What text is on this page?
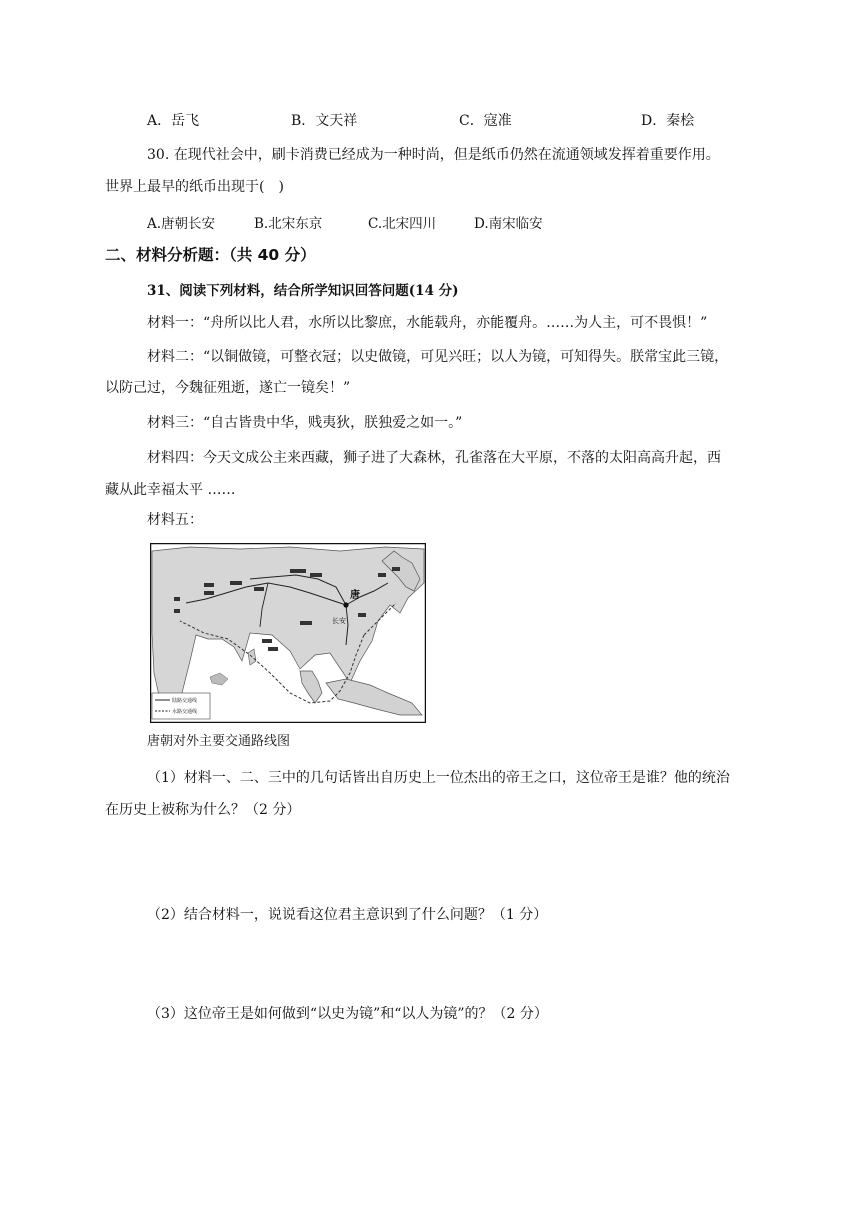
A．岳飞	B．文天祥	C．寇准	D．秦桧
30. 在现代社会中，刷卡消费已经成为一种时尚，但是纸币仍然在流通领域发挥着重要作用。
世界上最早的纸币出现于(　)
A.唐朝长安	B.北宋东京	C.北宋四川	D.南宋临安
二、材料分析题：（共 40 分）
31、阅读下列材料，结合所学知识回答问题(14 分)
材料一：“舟所以比人君，水所以比黎庶，水能载舟，亦能覆舟。……为人主，可不畏惧！”
材料二：“以铜做镜，可整衣冠；以史做镜，可见兴旺；以人为镜，可知得失。朕常宝此三镜，
以防己过，今魏征殂逝，遂亡一镜矣！”
材料三：“自古皆贵中华，贱夷狄，朕独爱之如一。”
材料四：今天文成公主来西藏，狮子进了大森林，孔雀落在大平原，不落的太阳高高升起，西
藏从此幸福太平 ……
材料五：
长安
唐
陆路交通线
水路交通线
唐朝对外主要交通路线图
（1）材料一、二、三中的几句话皆出自历史上一位杰出的帝王之口，这位帝王是谁？他的统治
在历史上被称为什么？（2 分）
（2）结合材料一，说说看这位君主意识到了什么问题？（1 分）
（3）这位帝王是如何做到“以史为镜”和“以人为镜”的？（2 分）
